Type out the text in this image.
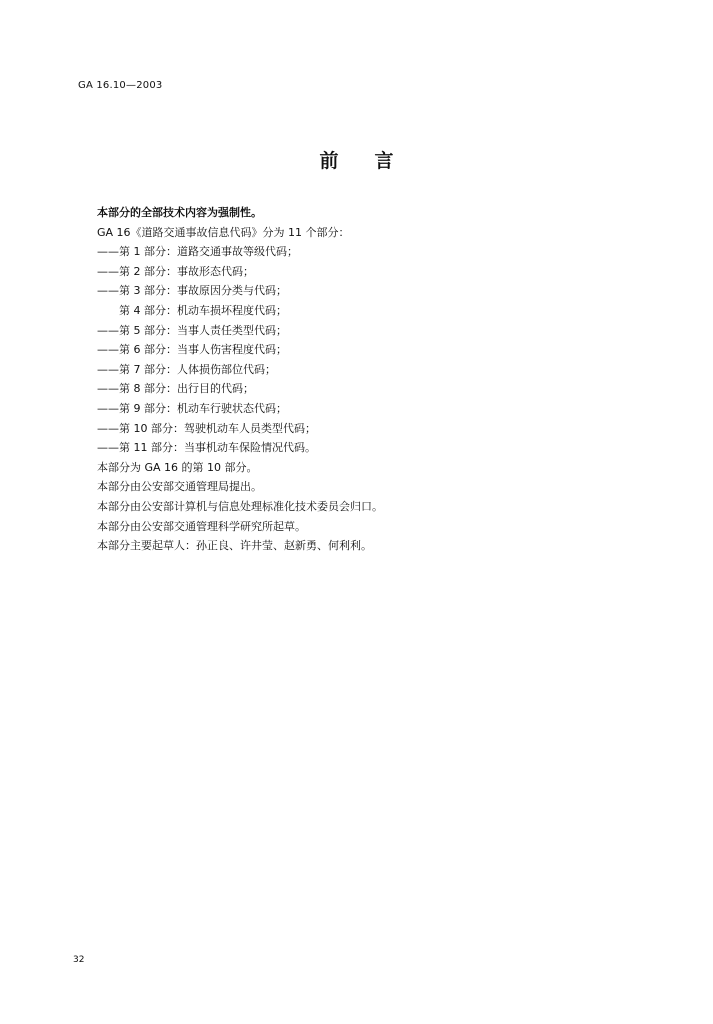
GA 16.10—2003
前言
本部分的全部技术内容为强制性。
GA 16《道路交通事故信息代码》分为 11 个部分：
——第 1 部分：道路交通事故等级代码；
——第 2 部分：事故形态代码；
——第 3 部分：事故原因分类与代码；
第 4 部分：机动车损坏程度代码；
——第 5 部分：当事人责任类型代码；
——第 6 部分：当事人伤害程度代码；
——第 7 部分：人体损伤部位代码；
——第 8 部分：出行目的代码；
——第 9 部分：机动车行驶状态代码；
——第 10 部分：驾驶机动车人员类型代码；
——第 11 部分：当事机动车保险情况代码。
本部分为 GA 16 的第 10 部分。
本部分由公安部交通管理局提出。
本部分由公安部计算机与信息处理标准化技术委员会归口。
本部分由公安部交通管理科学研究所起草。
本部分主要起草人：孙正良、许井莹、赵新勇、何利利。
32
